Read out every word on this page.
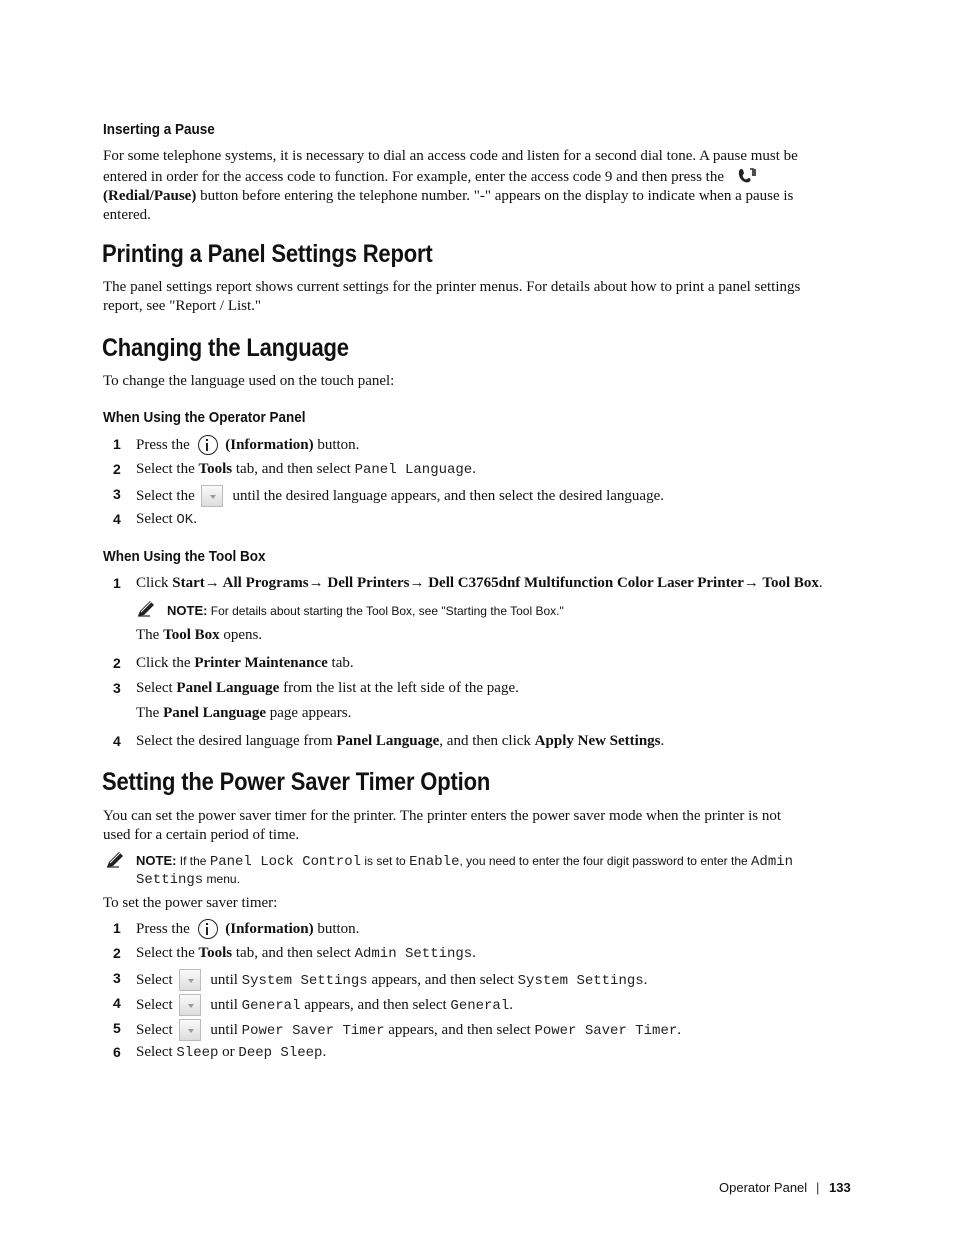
Inserting a Pause
For some telephone systems, it is necessary to dial an access code and listen for a second dial tone. A pause must be
entered in order for the access code to function. For example, enter the access code 9 and then press the
(Redial/Pause) button before entering the telephone number. "-" appears on the display to indicate when a pause is
entered.
Printing a Panel Settings Report
The panel settings report shows current settings for the printer menus. For details about how to print a panel settings
report, see "Report / List."
Changing the Language
To change the language used on the touch panel:
When Using the Operator Panel
1 Press the (Information) button.
2 Select the Tools tab, and then select Panel Language.
3 Select the	until the desired language appears, and then select the desired language.
4 Select OK.
When Using the Tool Box
1 Click Start→ All Programs→ Dell Printers→ Dell C3765dnf Multifunction Color Laser Printer→ Tool Box.
NOTE: For details about starting the Tool Box, see "Starting the Tool Box."
The Tool Box opens.
2 Click the Printer Maintenance tab.
3 Select Panel Language from the list at the left side of the page.
The Panel Language page appears.
4 Select the desired language from Panel Language, and then click Apply New Settings.
Setting the Power Saver Timer Option
You can set the power saver timer for the printer. The printer enters the power saver mode when the printer is not
used for a certain period of time.
NOTE: If the Panel Lock Control is set to Enable, you need to enter the four digit password to enter the Admin
Settings menu.
To set the power saver timer:
1 Press the (Information) button.
2 Select the Tools tab, and then select Admin Settings.
3 Select	until System Settings appears, and then select System Settings.
4 Select	until General appears, and then select General.
5 Select	until Power Saver Timer appears, and then select Power Saver Timer.
6 Select Sleep or Deep Sleep.
Operator Panel | 133
